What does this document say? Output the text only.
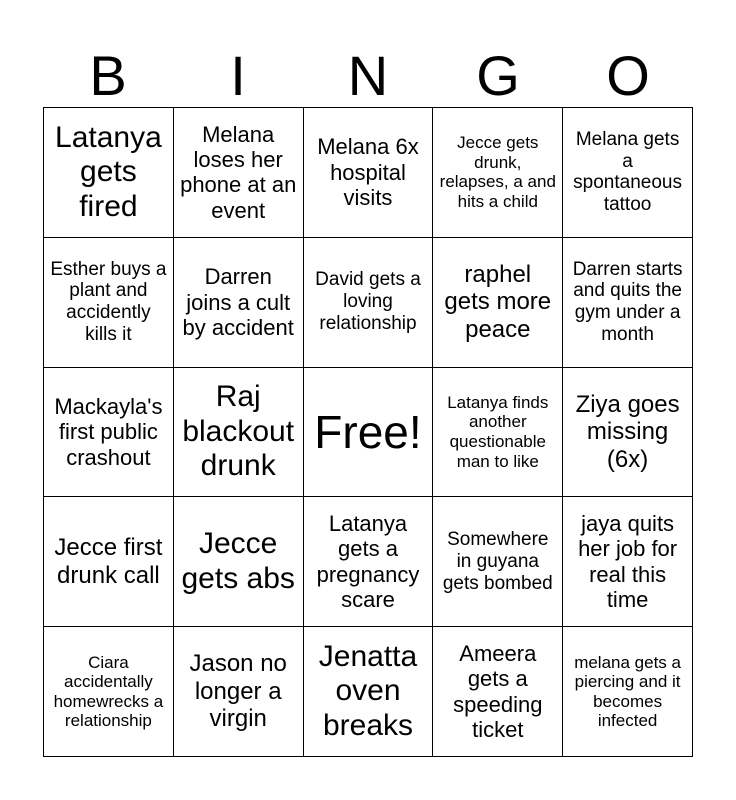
B	I	N	G	O
Latanya gets fired
Melana loses her phone at an event
Melana 6x hospital visits
Jecce gets drunk, relapses, a and hits a child
Melana gets a spontaneous tattoo
Esther buys a plant and accidently kills it
Darren joins a cult by accident
David gets a loving relationship
raphel gets more peace
Darren starts and quits the gym under a month
Mackayla's first public crashout
Raj blackout drunk
Free!
Latanya finds another questionable man to like
Ziya goes missing (6x)
Jecce first drunk call
Jecce gets abs
Latanya gets a pregnancy scare
Somewhere in guyana gets bombed
jaya quits her job for real this time
Ciara accidentally homewrecks a relationship
Jason no longer a virgin
Jenatta oven breaks
Ameera gets a speeding ticket
melana gets a piercing and it becomes infected
